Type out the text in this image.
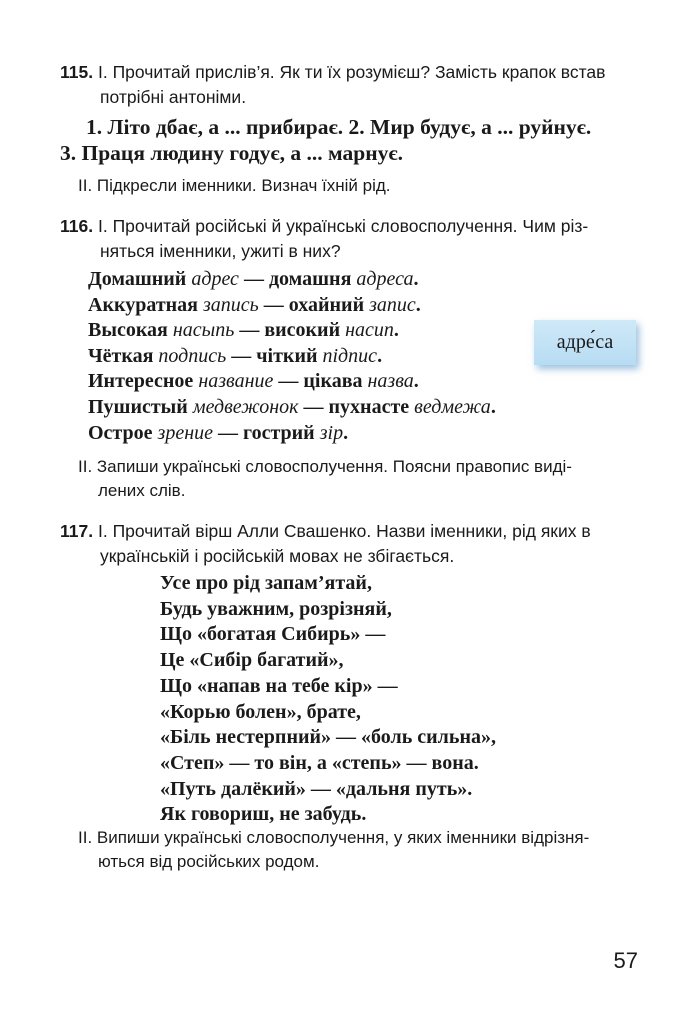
115. І. Прочитай прислів’я. Як ти їх розумієш? Замість крапок встав
потрібні антоніми.
1. Літо дбає, а ... прибирає. 2. Мир будує, а ... руйнує.
3. Праця людину годує, а ... марнує.
ІІ. Підкресли іменники. Визнач їхній рід.
116. І. Прочитай російські й українські словосполучення. Чим різ-
няться іменники, ужиті в них?
Домашний адрес — домашня адреса.
Аккуратная запись — охайний запис.
Высокая насыпь — високий насип.
Чёткая подпись — чіткий підпис.
Интересное название — цікава назва.
Пушистый медвежонок — пухнасте ведмежа.
Острое зрение — гострий зір.
адре́са
ІІ. Запиши українські словосполучення. Поясни правопис виді-
лених слів.
117. І. Прочитай вірш Алли Свашенко. Назви іменники, рід яких в
українській і російській мовах не збігається.
Усе про рід запам’ятай,
Будь уважним, розрізняй,
Що «богатая Сибирь» —
Це «Сибір багатий»,
Що «напав на тебе кір» —
«Корью болен», брате,
«Біль нестерпний» — «боль сильна»,
«Степ» — то він, а «степь» — вона.
«Путь далёкий» — «дальня путь».
Як говориш, не забудь.
ІІ. Випиши українські словосполучення, у яких іменники відрізня-
ються від російських родом.
57
